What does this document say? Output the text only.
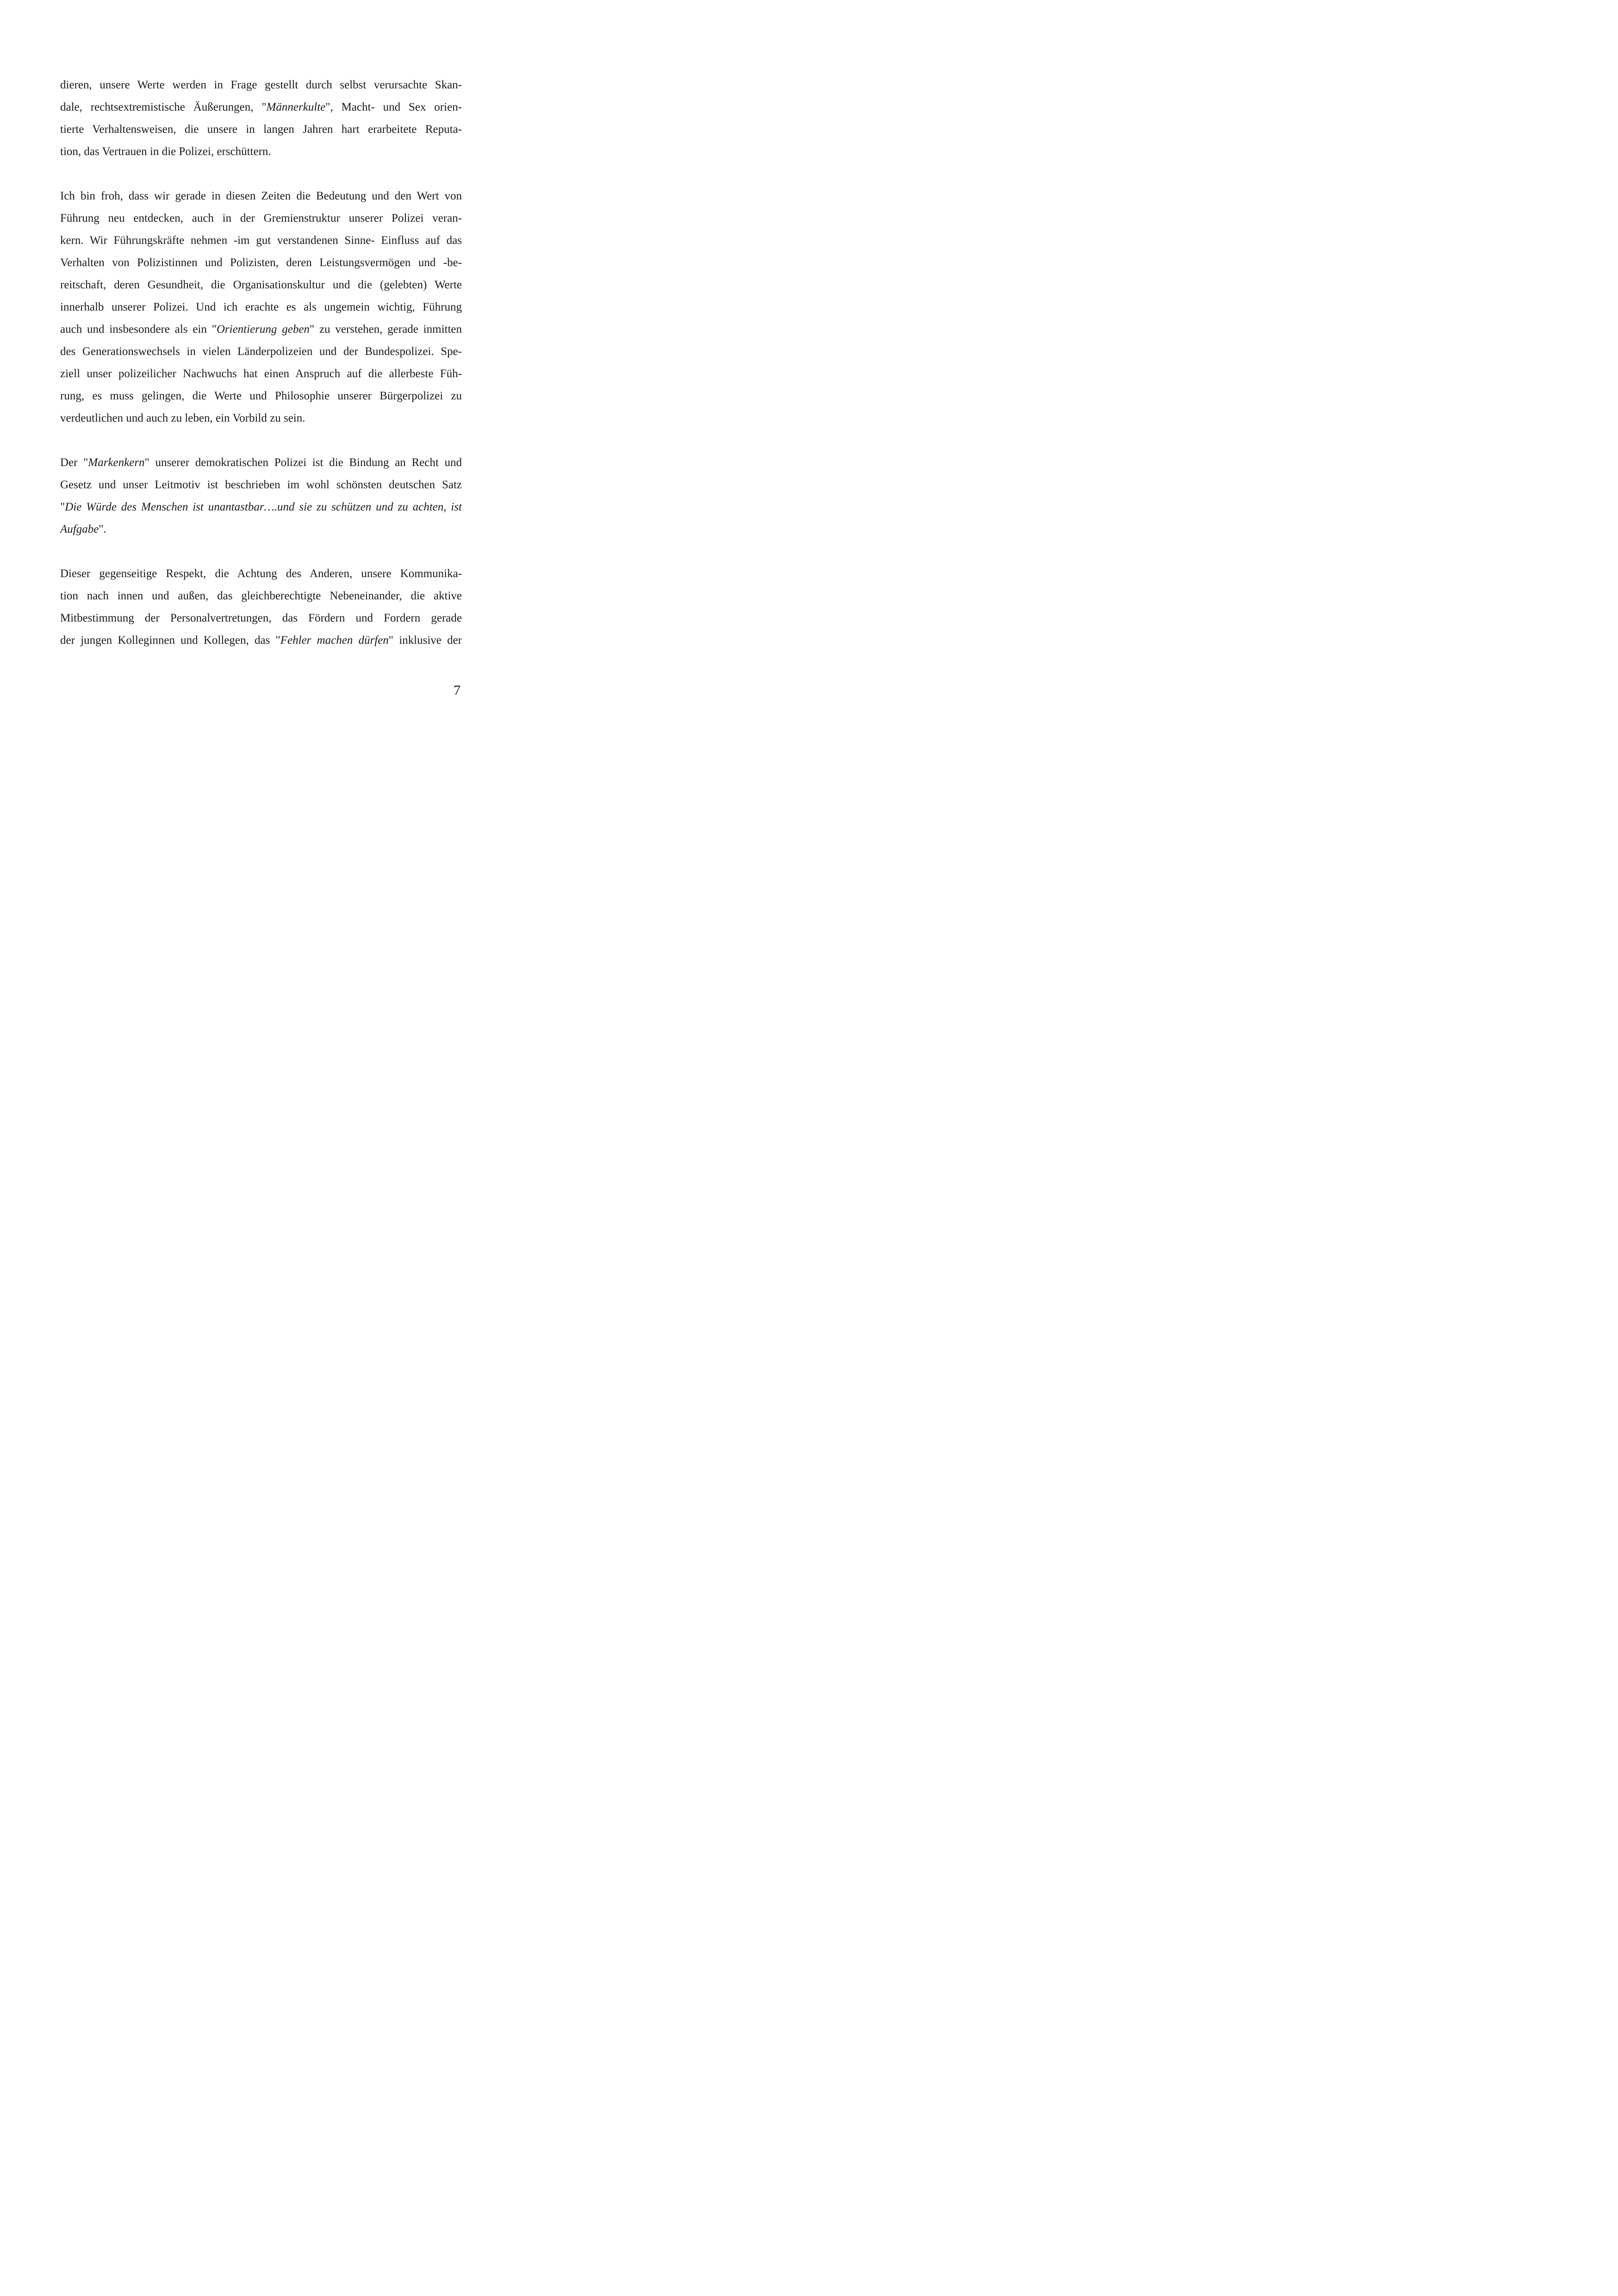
dieren, unsere Werte werden in Frage gestellt durch selbst verursachte Skan-
dale, rechtsextremistische Äußerungen, "Männerkulte", Macht- und Sex orien-
tierte Verhaltensweisen, die unsere in langen Jahren hart erarbeitete Reputa-
tion, das Vertrauen in die Polizei, erschüttern.
Ich bin froh, dass wir gerade in diesen Zeiten die Bedeutung und den Wert von
Führung neu entdecken, auch in der Gremienstruktur unserer Polizei veran-
kern. Wir Führungskräfte nehmen -im gut verstandenen Sinne- Einfluss auf das
Verhalten von Polizistinnen und Polizisten, deren Leistungsvermögen und -be-
reitschaft, deren Gesundheit, die Organisationskultur und die (gelebten) Werte
innerhalb unserer Polizei. Und ich erachte es als ungemein wichtig, Führung
auch und insbesondere als ein "Orientierung geben" zu verstehen, gerade inmitten
des Generationswechsels in vielen Länderpolizeien und der Bundespolizei. Spe-
ziell unser polizeilicher Nachwuchs hat einen Anspruch auf die allerbeste Füh-
rung, es muss gelingen, die Werte und Philosophie unserer Bürgerpolizei zu
verdeutlichen und auch zu leben, ein Vorbild zu sein.
Der "Markenkern" unserer demokratischen Polizei ist die Bindung an Recht und
Gesetz und unser Leitmotiv ist beschrieben im wohl schönsten deutschen Satz
"Die Würde des Menschen ist unantastbar….und sie zu schützen und zu achten, ist
Aufgabe".
Dieser gegenseitige Respekt, die Achtung des Anderen, unsere Kommunika-
tion nach innen und außen, das gleichberechtigte Nebeneinander, die aktive
Mitbestimmung der Personalvertretungen, das Fördern und Fordern gerade
der jungen Kolleginnen und Kollegen, das "Fehler machen dürfen" inklusive der
7
